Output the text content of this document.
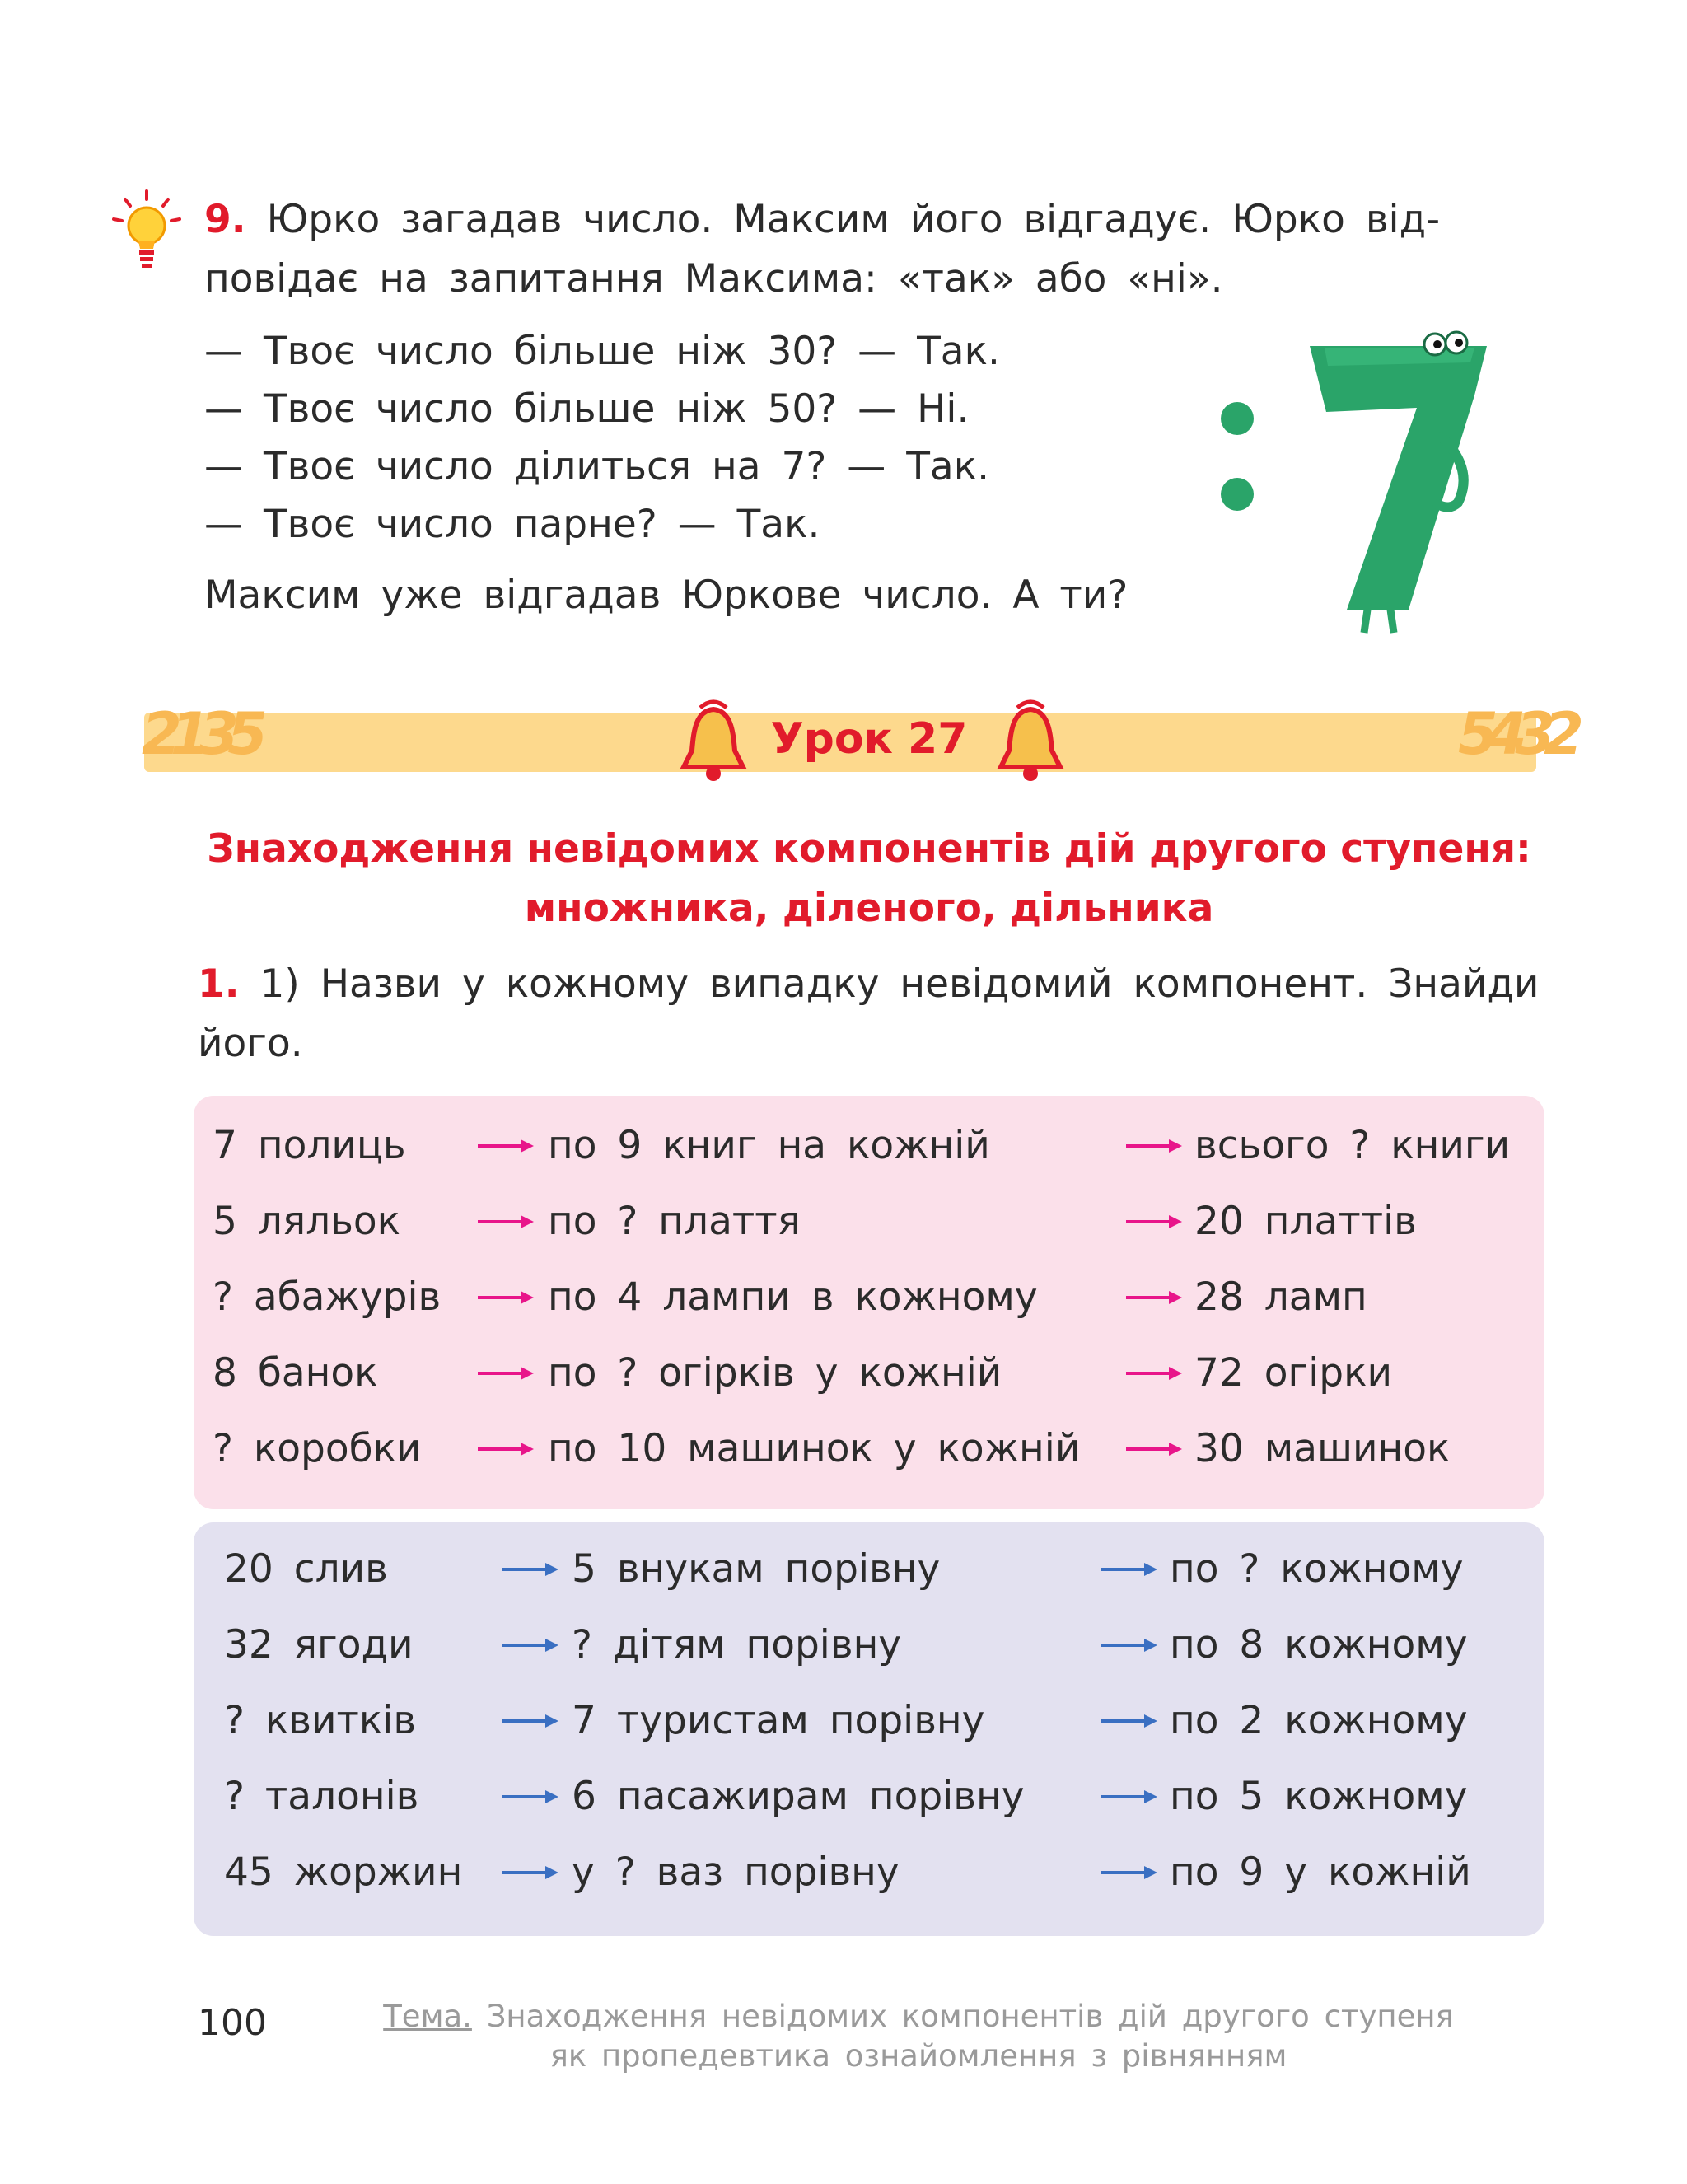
9. Юрко загадав число. Максим його відгадує. Юрко від-
повідає на запитання Максима: «так» або «ні».
— Твоє число більше ніж 30? — Так.
— Твоє число більше ніж 50? — Ні.
— Твоє число ділиться на 7? — Так.
— Твоє число парне? — Так.
Максим уже відгадав Юркове число. А ти?
2135	5432
Урок 27
Знаходження невідомих компонентів дій другого ступеня:
множника, діленого, дільника
1. 1) Назви у кожному випадку невідомий компонент. Знайди
його.
7 полиць	по 9 книг на кожній	всього ? книги
5 ляльок	по ? плаття	20 платтів
? абажурів	по 4 лампи в кожному	28 ламп
8 банок	по ? огірків у кожній	72 огірки
? коробки	по 10 машинок у кожній	30 машинок
20 слив	5 внукам порівну	по ? кожному
32 ягоди	? дітям порівну	по 8 кожному
? квитків	7 туристам порівну	по 2 кожному
? талонів	6 пасажирам порівну	по 5 кожному
45 жоржин	у ? ваз порівну	по 9 у кожній
100	Тема. Знаходження невідомих компонентів дій другого ступеня
як пропедевтика ознайомлення з рівнянням
